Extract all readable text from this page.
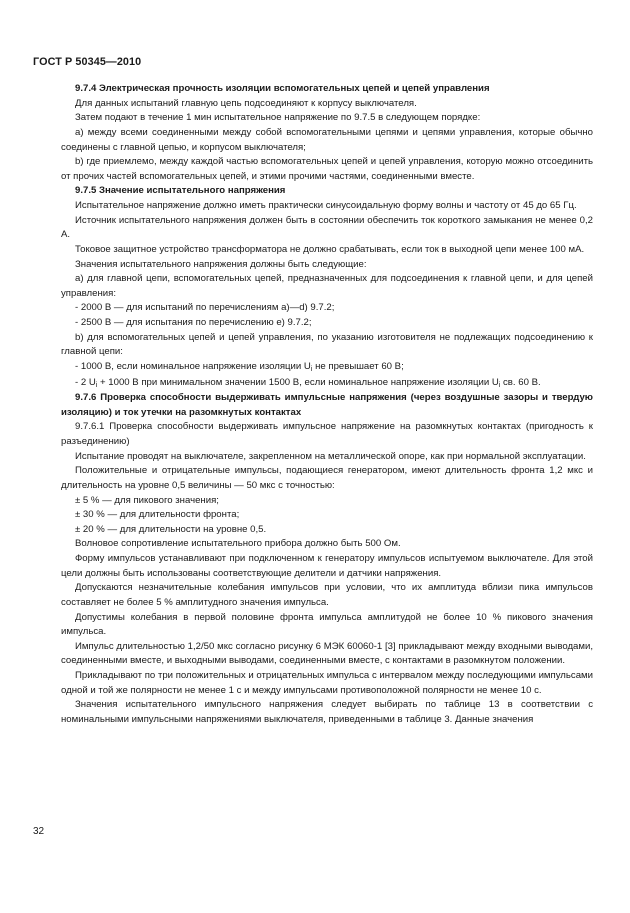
ГОСТ Р 50345—2010

9.7.4 Электрическая прочность изоляции вспомогательных цепей и цепей управления

Для данных испытаний главную цепь подсоединяют к корпусу выключателя.

Затем подают в течение 1 мин испытательное напряжение по 9.7.5 в следующем порядке:

а) между всеми соединенными между собой вспомогательными цепями и цепями управления, которые обычно соединены с главной цепью, и корпусом выключателя;

b) где приемлемо, между каждой частью вспомогательных цепей и цепей управления, которую можно отсоединить от прочих частей вспомогательных цепей, и этими прочими частями, соединенными вместе.

9.7.5 Значение испытательного напряжения

Испытательное напряжение должно иметь практически синусоидальную форму волны и частоту от 45 до 65 Гц.

Источник испытательного напряжения должен быть в состоянии обеспечить ток короткого замыкания не менее 0,2 А.

Токовое защитное устройство трансформатора не должно срабатывать, если ток в выходной цепи менее 100 мА.

Значения испытательного напряжения должны быть следующие:

а) для главной цепи, вспомогательных цепей, предназначенных для подсоединения к главной цепи, и для цепей управления:

- 2000 В — для испытаний по перечислениям а)—d) 9.7.2;

- 2500 В — для испытания по перечислению е) 9.7.2;

b) для вспомогательных цепей и цепей управления, по указанию изготовителя не подлежащих подсоединению к главной цепи:

- 1000 В, если номинальное напряжение изоляции $U_i$ не превышает 60 В;

- 2 $U_i + 1000$ В при минимальном значении 1500 В, если номинальное напряжение изоляции $U_i$ св. 60 В.

9.7.6 Проверка способности выдерживать импульсные напряжения (через воздушные зазоры и твердую изоляцию) и ток утечки на разомкнутых контактах

9.7.6.1 Проверка способности выдерживать импульсное напряжение на разомкнутых контактах (пригодность к разъединению)

Испытание проводят на выключателе, закрепленном на металлической опоре, как при нормальной эксплуатации.

Положительные и отрицательные импульсы, подающиеся генератором, имеют длительность фронта 1,2 мкс и длительность на уровне 0,5 величины — 50 мкс с точностью:

± 5 % — для пикового значения;

± 30 % — для длительности фронта;

± 20 % — для длительности на уровне 0,5.

Волновое сопротивление испытательного прибора должно быть 500 Ом.

Форму импульсов устанавливают при подключенном к генератору импульсов испытуемом выключателе. Для этой цели должны быть использованы соответствующие делители и датчики напряжения.

Допускаются незначительные колебания импульсов при условии, что их амплитуда вблизи пика импульсов составляет не более 5 % амплитудного значения импульса.

Допустимы колебания в первой половине фронта импульса амплитудой не более 10 % пикового значения импульса.

Импульс длительностью 1,2/50 мкс согласно рисунку 6 МЭК 60060-1 [3] прикладывают между входными выводами, соединенными вместе, и выходными выводами, соединенными вместе, с контактами в разомкнутом положении.

Прикладывают по три положительных и отрицательных импульса с интервалом между последующими импульсами одной и той же полярности не менее 1 с и между импульсами противоположной полярности не менее 10 с.

Значения испытательного импульсного напряжения следует выбирать по таблице 13 в соответствии с номинальными импульсными напряжениями выключателя, приведенными в таблице 3. Данные значения

32
